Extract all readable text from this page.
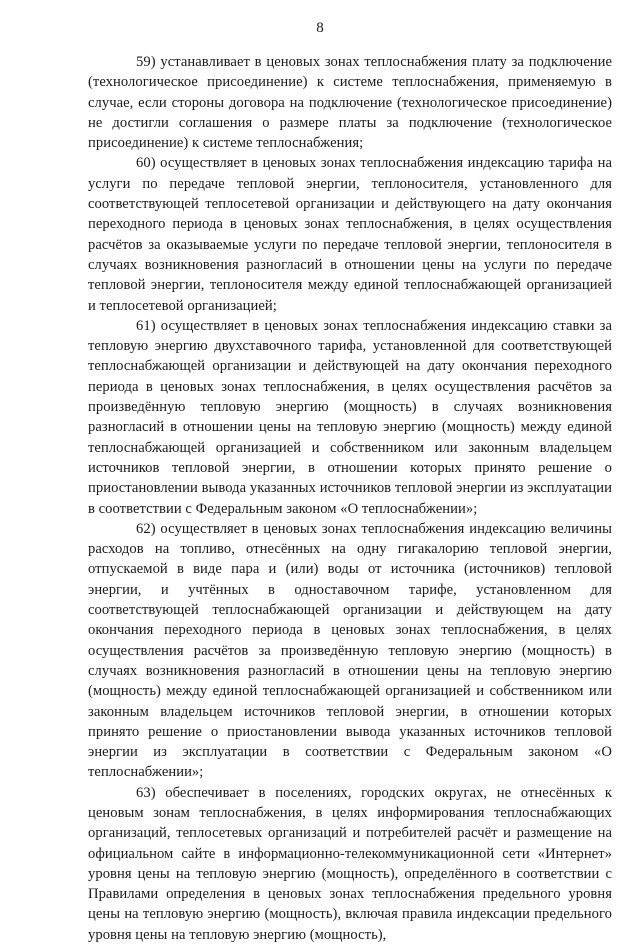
8

59) устанавливает в ценовых зонах теплоснабжения плату за подключение (технологическое присоединение) к системе теплоснабжения, применяемую в случае, если стороны договора на подключение (технологическое присоединение) не достигли соглашения о размере платы за подключение (технологическое присоединение) к системе теплоснабжения;

60) осуществляет в ценовых зонах теплоснабжения индексацию тарифа на услуги по передаче тепловой энергии, теплоносителя, установленного для соответствующей теплосетевой организации и действующего на дату окончания переходного периода в ценовых зонах теплоснабжения, в целях осуществления расчётов за оказываемые услуги по передаче тепловой энергии, теплоносителя в случаях возникновения разногласий в отношении цены на услуги по передаче тепловой энергии, теплоносителя между единой теплоснабжающей организацией и теплосетевой организацией;

61) осуществляет в ценовых зонах теплоснабжения индексацию ставки за тепловую энергию двухставочного тарифа, установленной для соответствующей теплоснабжающей организации и действующей на дату окончания переходного периода в ценовых зонах теплоснабжения, в целях осуществления расчётов за произведённую тепловую энергию (мощность) в случаях возникновения разногласий в отношении цены на тепловую энергию (мощность) между единой теплоснабжающей организацией и собственником или законным владельцем источников тепловой энергии, в отношении которых принято решение о приостановлении вывода указанных источников тепловой энергии из эксплуатации в соответствии с Федеральным законом «О теплоснабжении»;

62) осуществляет в ценовых зонах теплоснабжения индексацию величины расходов на топливо, отнесённых на одну гигакалорию тепловой энергии, отпускаемой в виде пара и (или) воды от источника (источников) тепловой энергии, и учтённых в одноставочном тарифе, установленном для соответствующей теплоснабжающей организации и действующем на дату окончания переходного периода в ценовых зонах теплоснабжения, в целях осуществления расчётов за произведённую тепловую энергию (мощность) в случаях возникновения разногласий в отношении цены на тепловую энергию (мощность) между единой теплоснабжающей организацией и собственником или законным владельцем источников тепловой энергии, в отношении которых принято решение о приостановлении вывода указанных источников тепловой энергии из эксплуатации в соответствии с Федеральным законом «О теплоснабжении»;

63) обеспечивает в поселениях, городских округах, не отнесённых к ценовым зонам теплоснабжения, в целях информирования теплоснабжающих организаций, теплосетевых организаций и потребителей расчёт и размещение на официальном сайте в информационно-телекоммуникационной сети «Интернет» уровня цены на тепловую энергию (мощность), определённого в соответствии с Правилами определения в ценовых зонах теплоснабжения предельного уровня цены на тепловую энергию (мощность), включая правила индексации предельного уровня цены на тепловую энергию (мощность),
